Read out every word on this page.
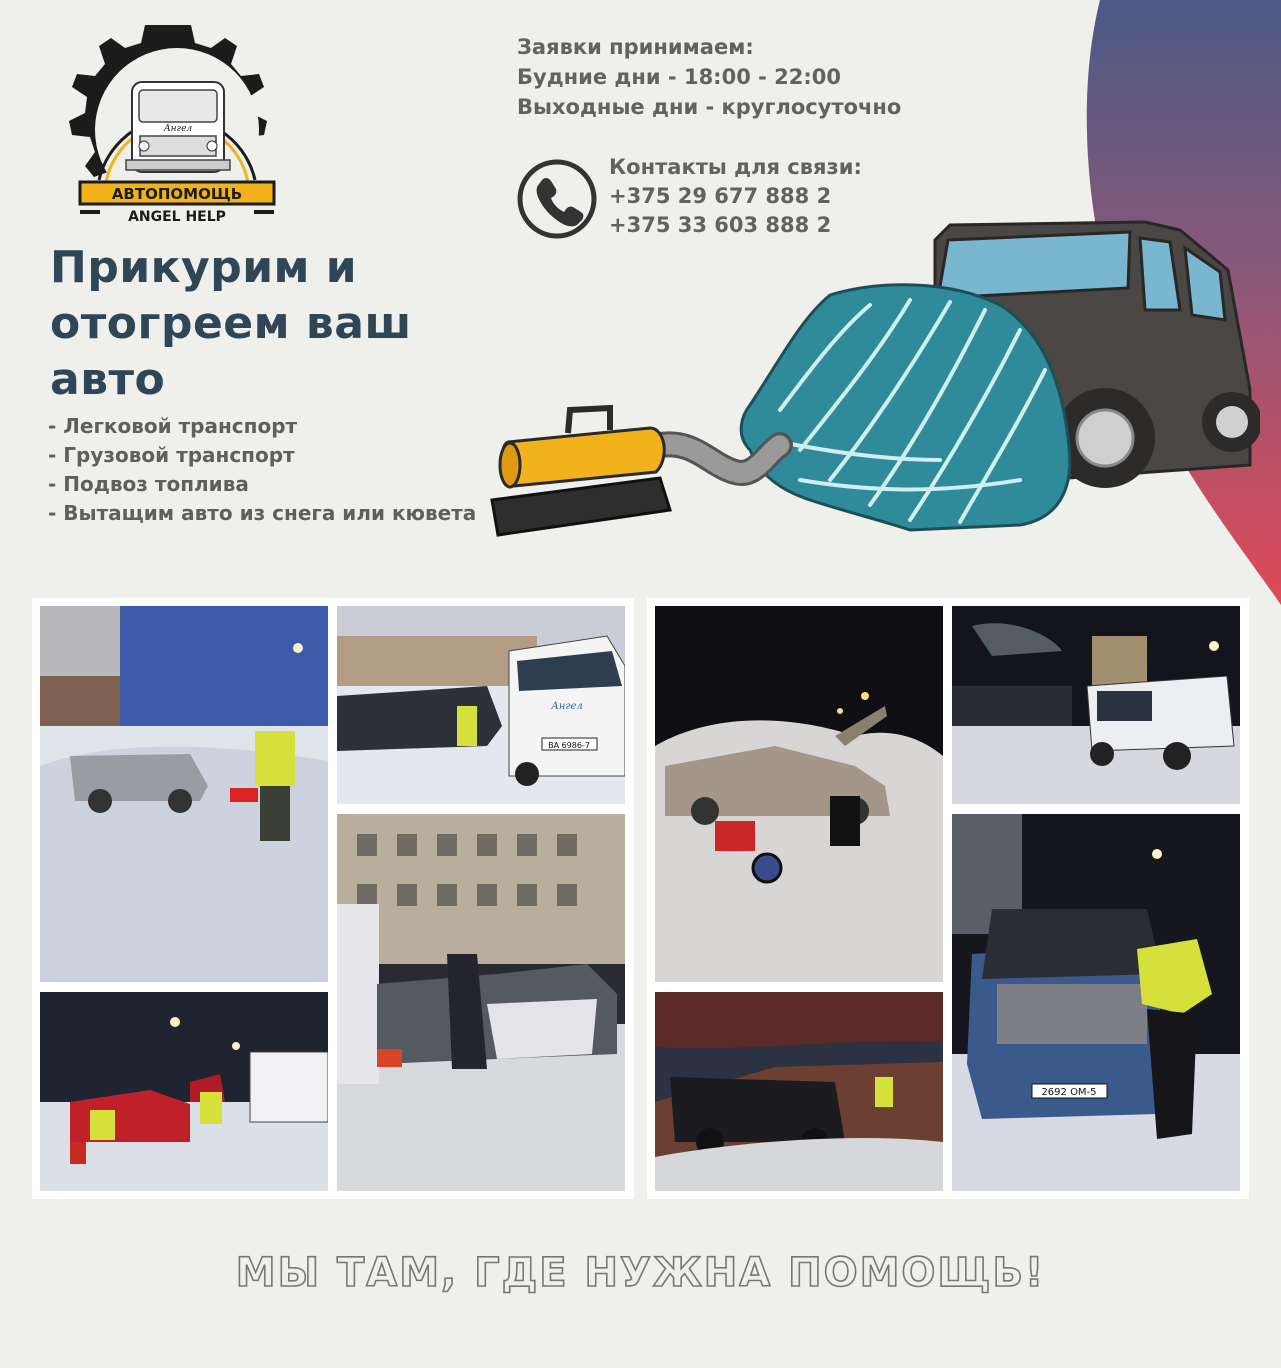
Ангел
АВТОПОМОЩЬ
ANGEL HELP
Заявки принимаем:
Будние дни - 18:00 - 22:00
Выходные дни - круглосуточно
Контакты для связи:
+375 29 677 888 2
+375 33 603 888 2
Прикурим и
отогреем ваш
авто
- Легковой транспорт
- Грузовой транспорт
- Подвоз топлива
- Вытащим авто из снега или кювета
Ангел
BA 6986-7
2692 OM-5
МЫ ТАМ, ГДЕ НУЖНА ПОМОЩЬ!
